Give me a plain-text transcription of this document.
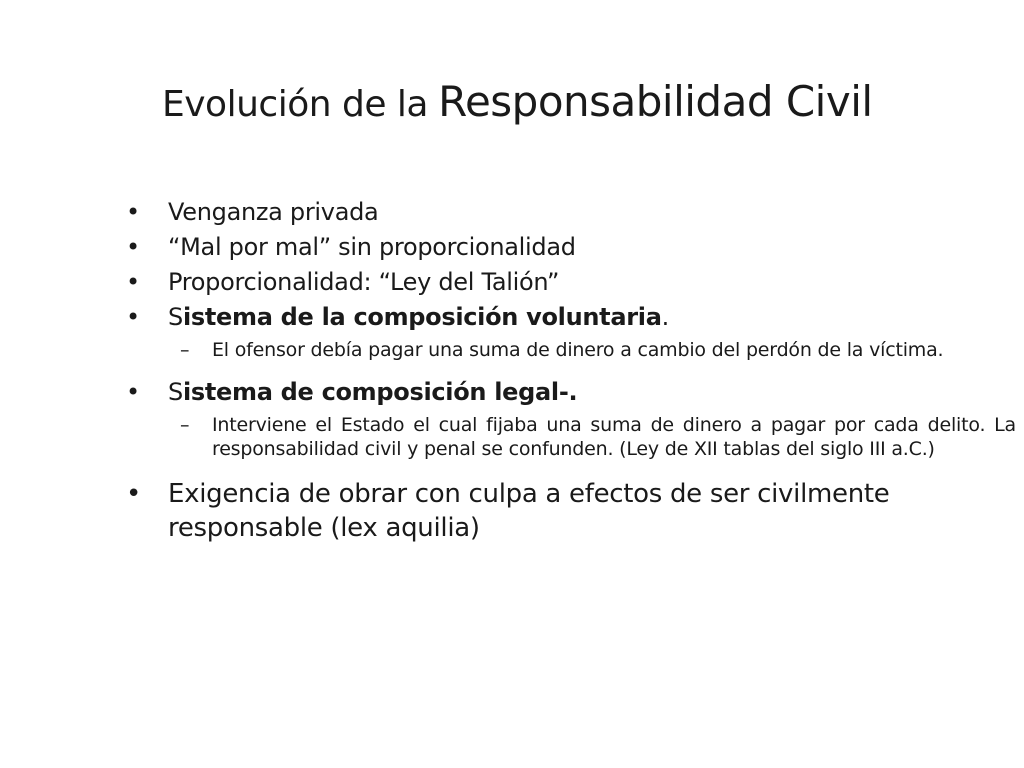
Evolución de la Responsabilidad Civil
• Venganza privada
• “Mal por mal” sin proporcionalidad
• Proporcionalidad: “Ley del Talión”
• Sistema de la composición voluntaria.
– El ofensor debía pagar una suma de dinero a cambio del perdón de la víctima.
• Sistema de composición legal-.
– Interviene el Estado el cual fijaba una suma de dinero a pagar por cada delito. La responsabilidad civil y penal se confunden. (Ley de XII tablas del siglo III a.C.)
• Exigencia de obrar con culpa a efectos de ser civilmente responsable (lex aquilia)
